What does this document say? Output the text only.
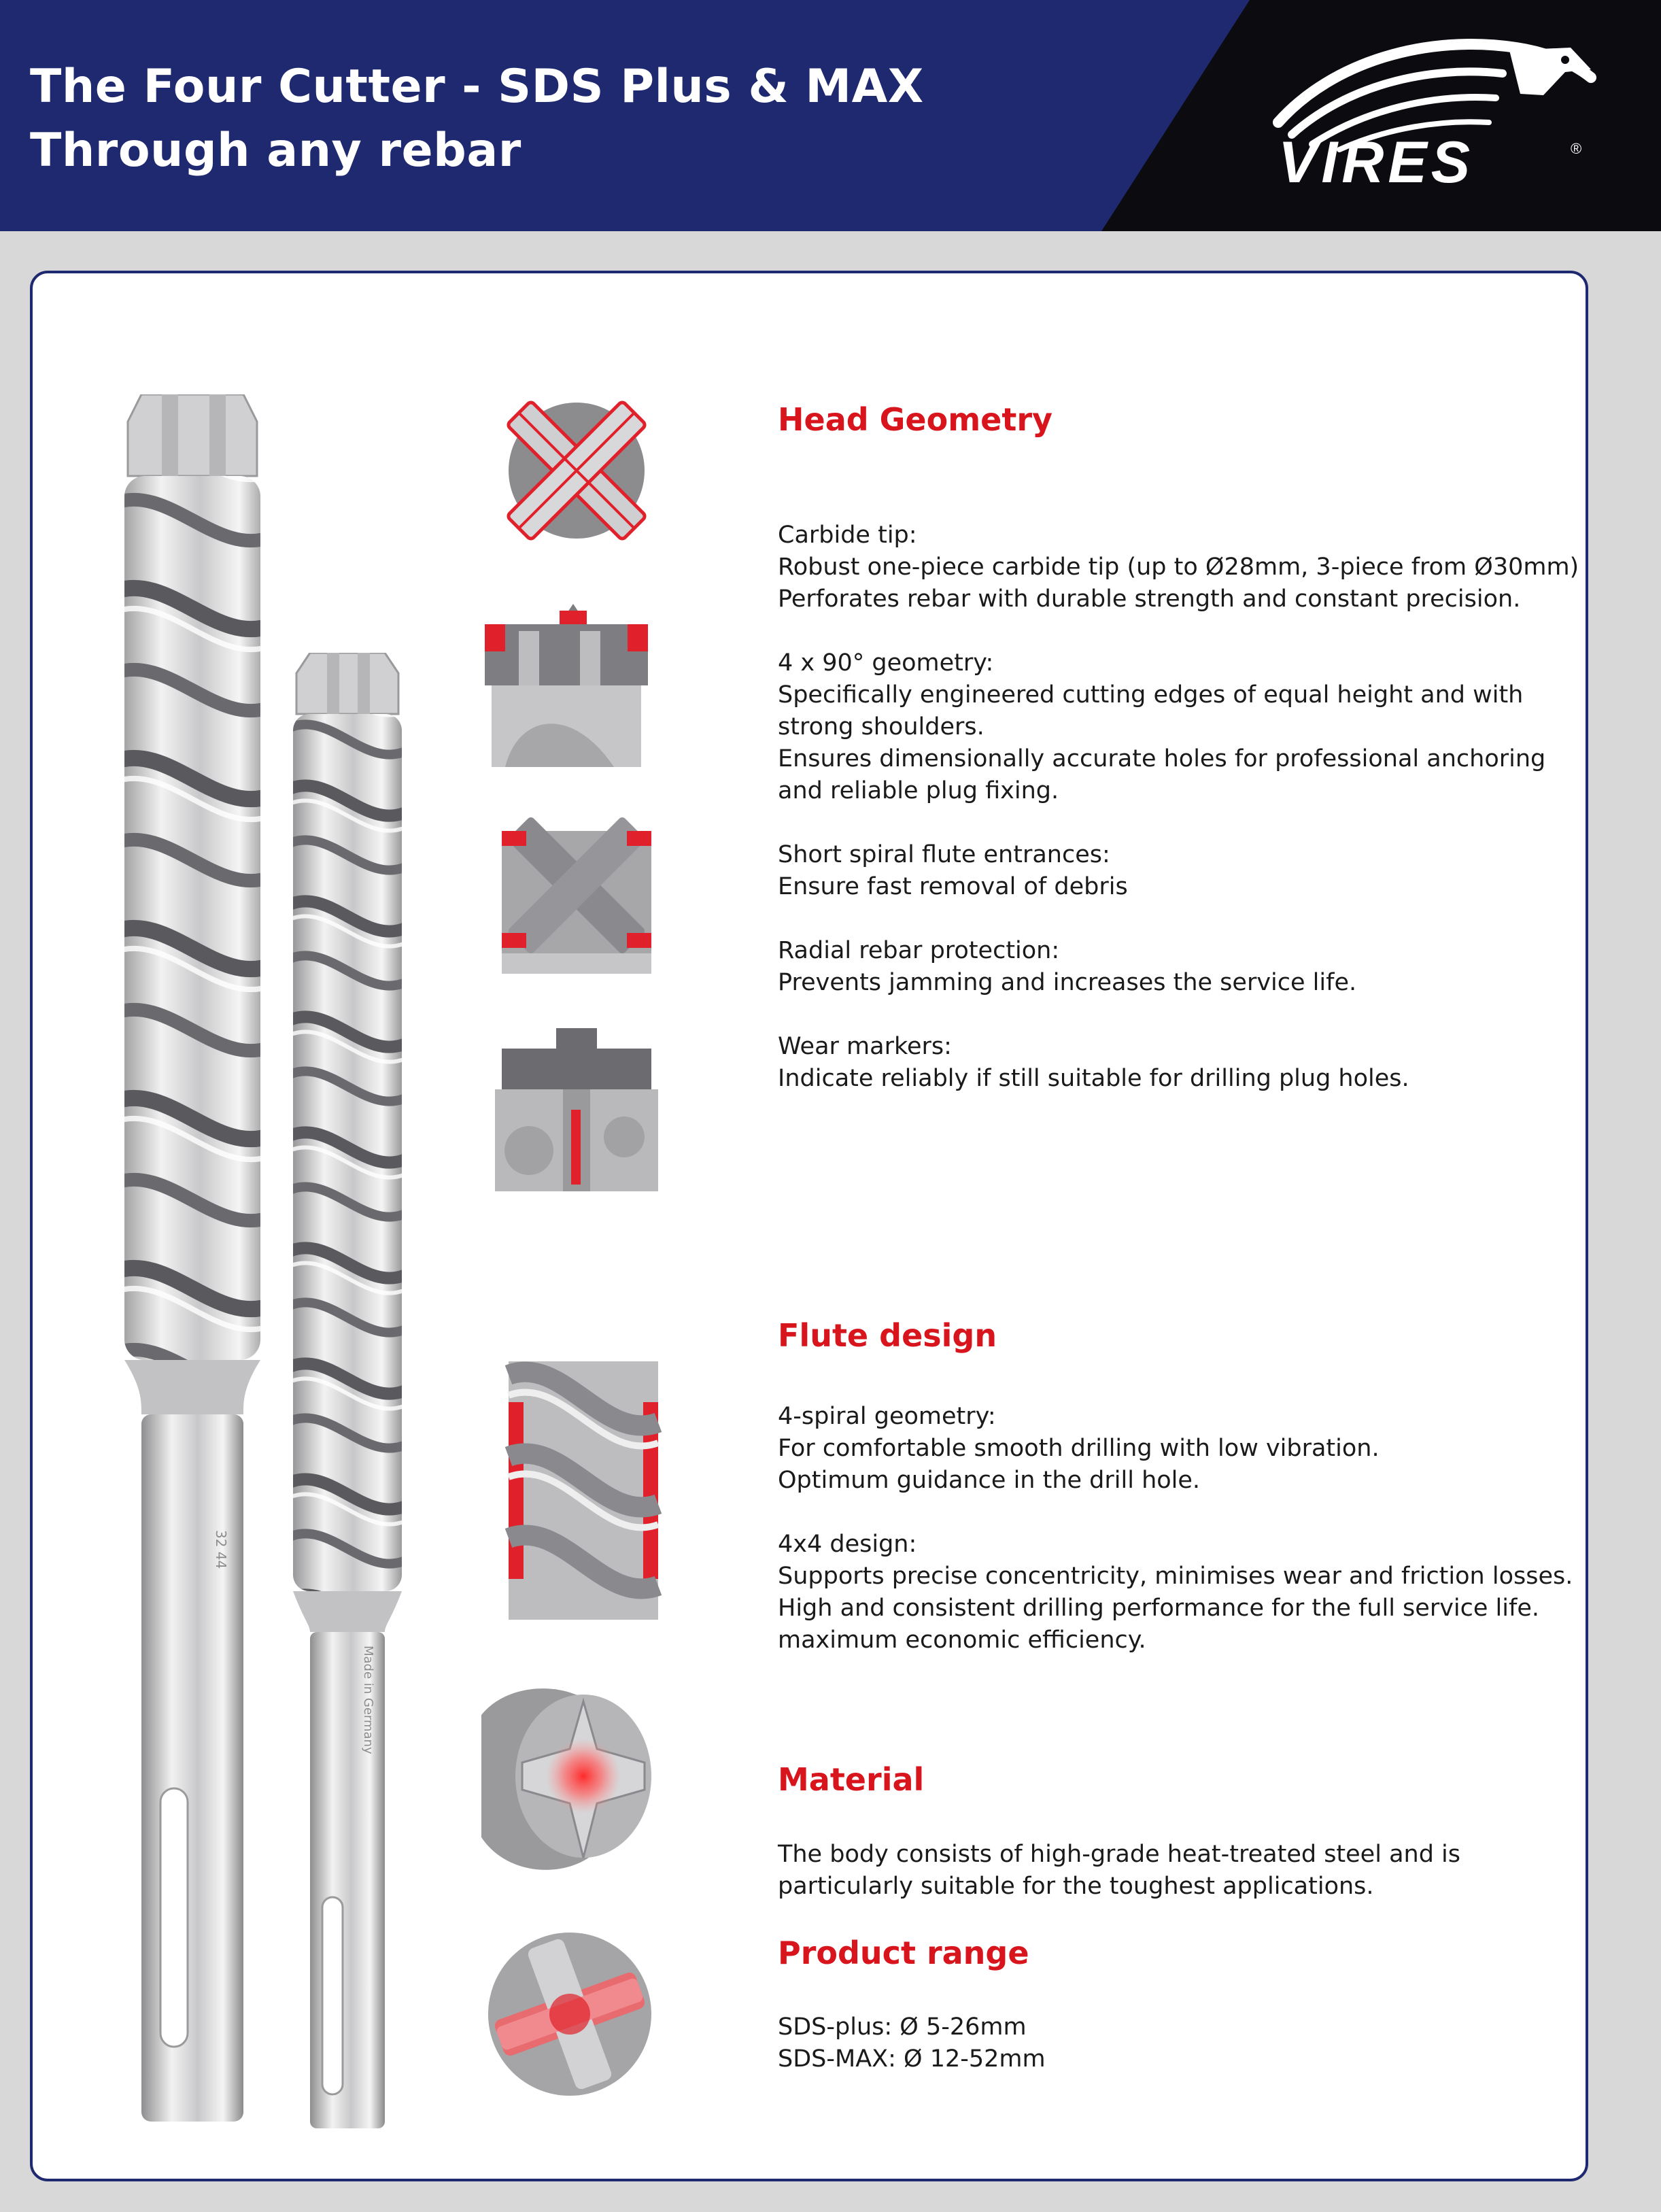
The Four Cutter - SDS Plus & MAX
Through any rebar	VIRES	®
32 44
Made in Germany
Head Geometry

Carbide tip:

Robust one-piece carbide tip (up to Ø28mm, 3-piece from Ø30mm)

Perforates rebar with durable strength and constant precision.

4 x 90° geometry:

Specifically engineered cutting edges of equal height and with strong shoulders.

Ensures dimensionally accurate holes for professional anchoring and reliable plug fixing.

Short spiral flute entrances:

Ensure fast removal of debris

Radial rebar protection:

Prevents jamming and increases the service life.

Wear markers:

Indicate reliably if still suitable for drilling plug holes.

Flute design

4-spiral geometry:

For comfortable smooth drilling with low vibration.

Optimum guidance in the drill hole.

4x4 design:

Supports precise concentricity, minimises wear and friction losses.

High and consistent drilling performance for the full service life.

maximum economic efficiency.

Material

The body consists of high-grade heat-treated steel and is particularly suitable for the toughest applications.

Product range

SDS-plus: Ø 5-26mm

SDS-MAX: Ø 12-52mm
